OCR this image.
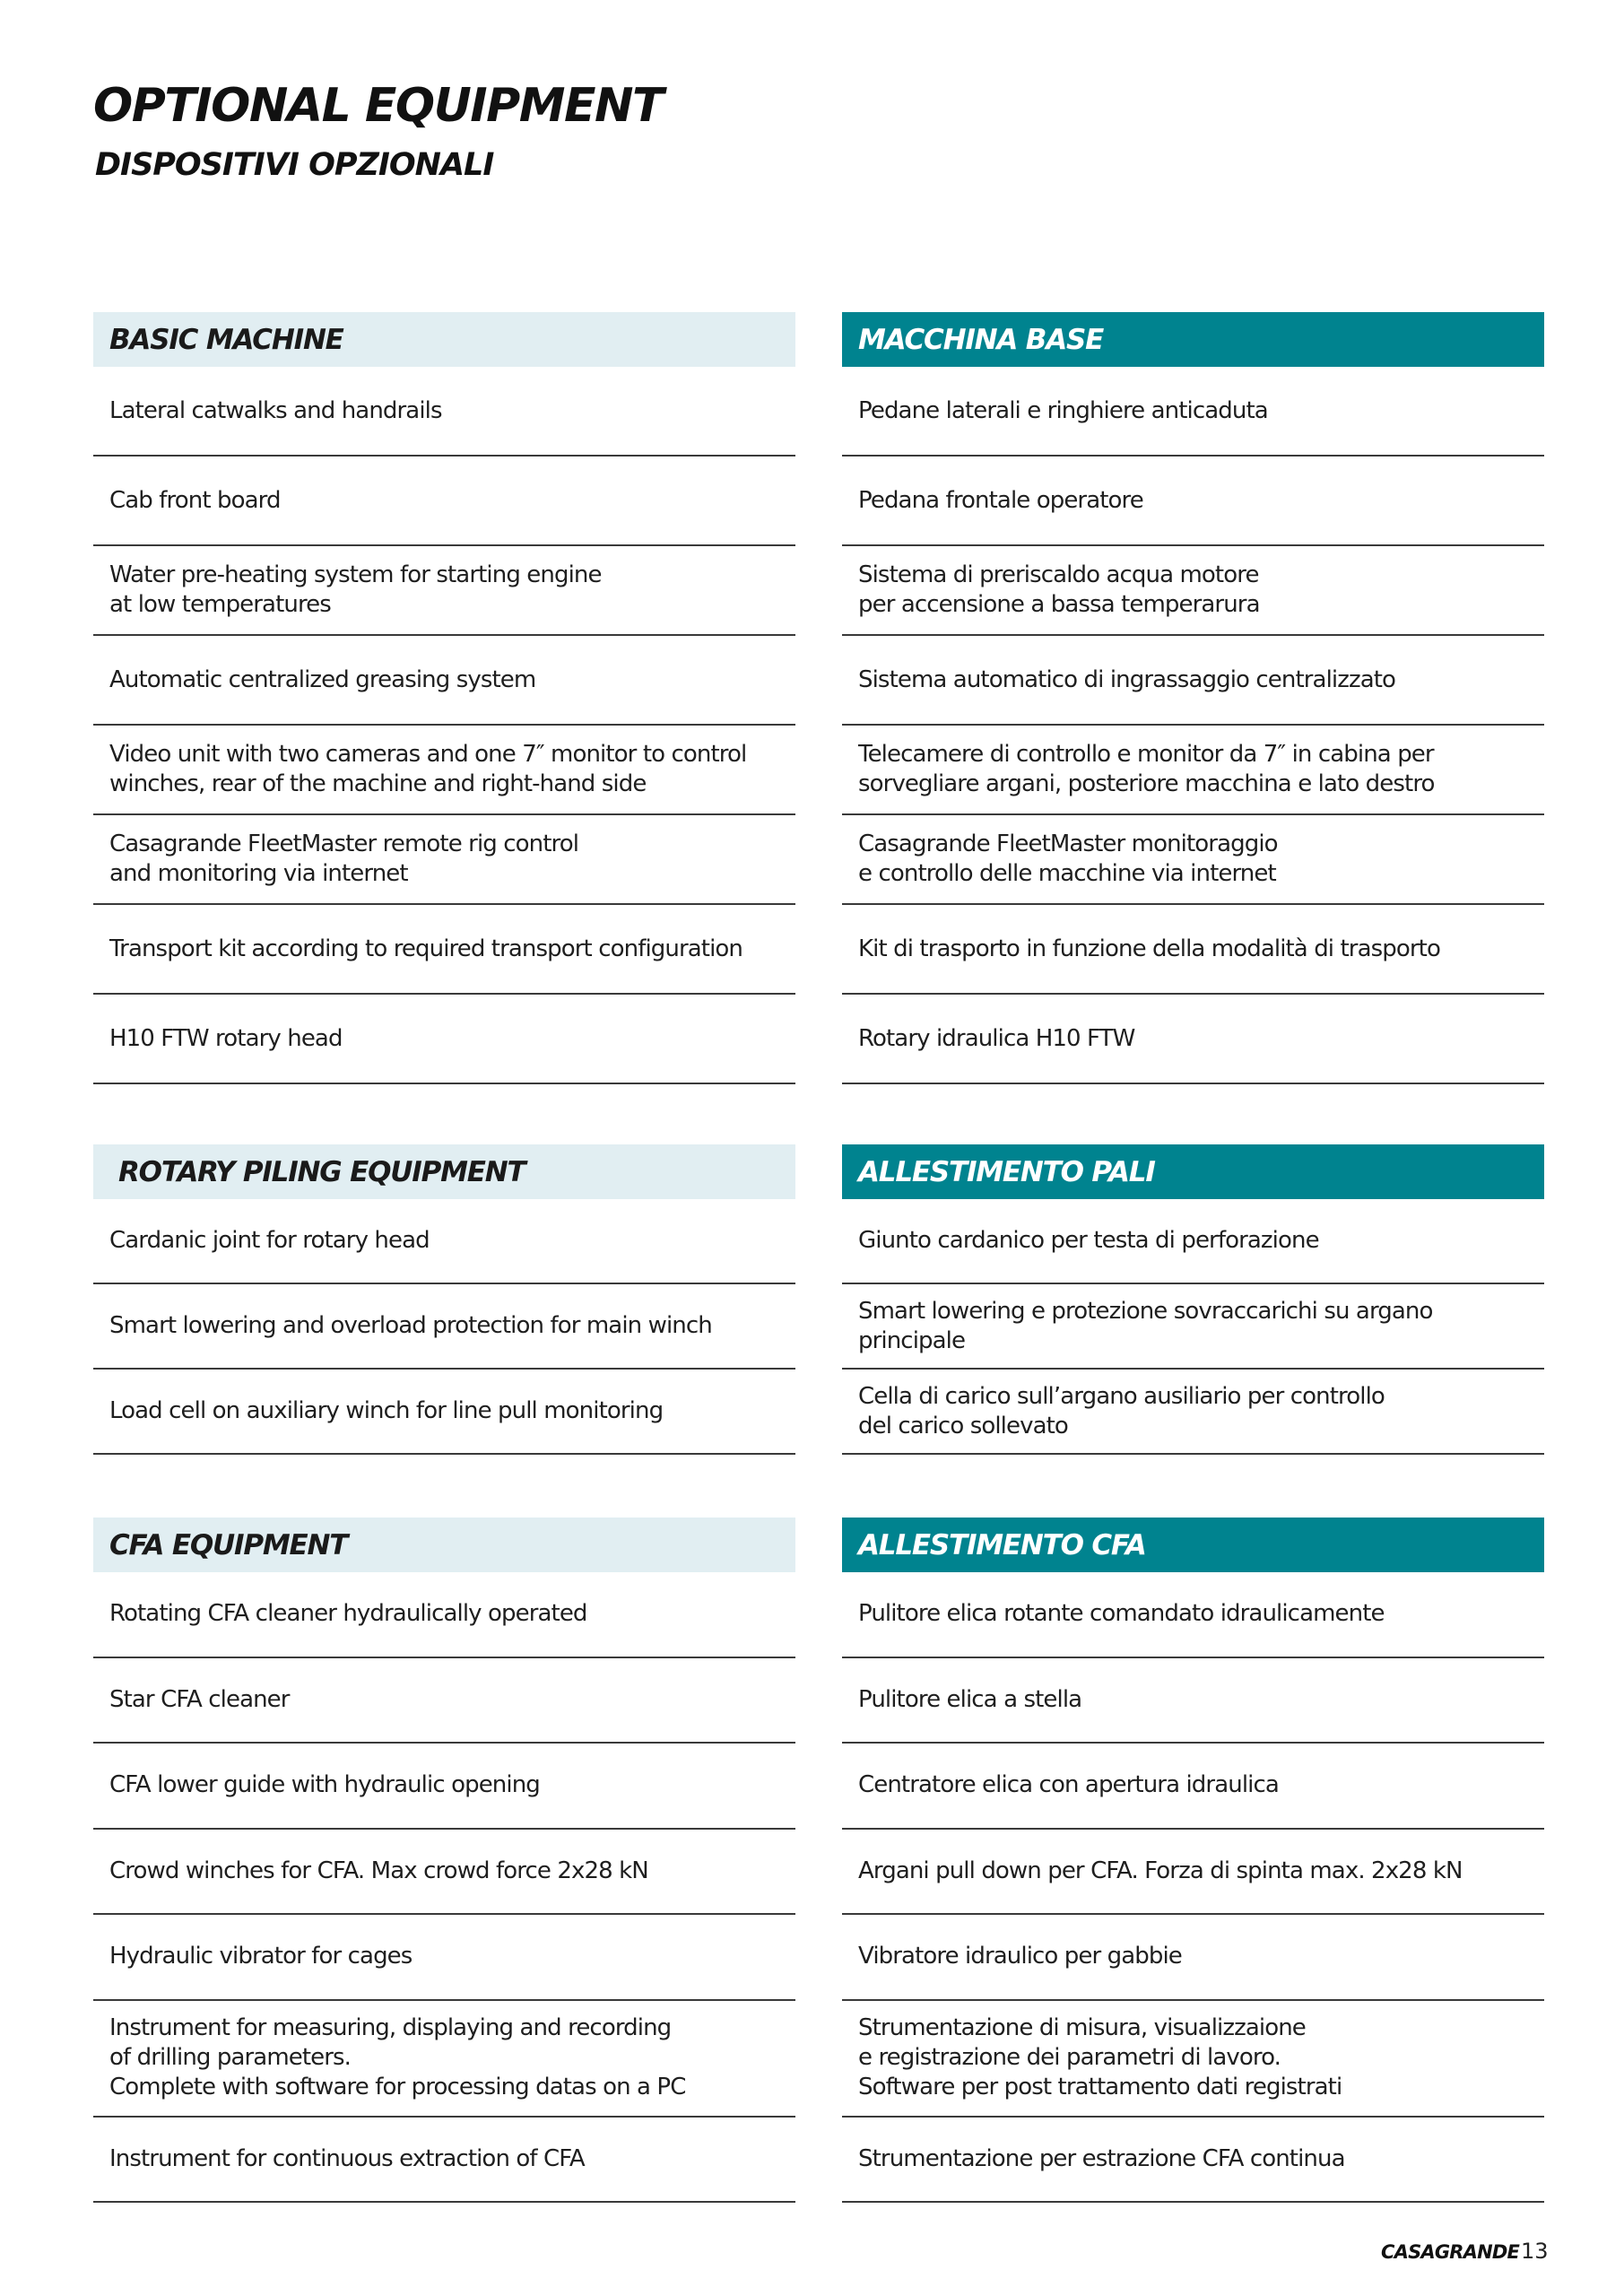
OPTIONAL EQUIPMENT
DISPOSITIVI OPZIONALI
BASIC MACHINE
Lateral catwalks and handrails
Cab front board
Water pre-heating system for starting engine
at low temperatures
Automatic centralized greasing system
Video unit with two cameras and one 7″ monitor to control
winches, rear of the machine and right-hand side
Casagrande FleetMaster remote rig control
and monitoring via internet
Transport kit according to required transport configuration
H10 FTW rotary head
MACCHINA BASE
Pedane laterali e ringhiere anticaduta
Pedana frontale operatore
Sistema di preriscaldo acqua motore
per accensione a bassa temperarura
Sistema automatico di ingrassaggio centralizzato
Telecamere di controllo e monitor da 7″ in cabina per
sorvegliare argani, posteriore macchina e lato destro
Casagrande FleetMaster monitoraggio
e controllo delle macchine via internet
Kit di trasporto in funzione della modalità di trasporto
Rotary idraulica H10 FTW
ROTARY PILING EQUIPMENT
Cardanic joint for rotary head
Smart lowering and overload protection for main winch
Load cell on auxiliary winch for line pull monitoring
ALLESTIMENTO PALI
Giunto cardanico per testa di perforazione
Smart lowering e protezione sovraccarichi su argano principale
Cella di carico sull’argano ausiliario per controllo
del carico sollevato
CFA EQUIPMENT
Rotating CFA cleaner hydraulically operated
Star CFA cleaner
CFA lower guide with hydraulic opening
Crowd winches for CFA. Max crowd force 2x28 kN
Hydraulic vibrator for cages
Instrument for measuring, displaying and recording
of drilling parameters.
Complete with software for processing datas on a PC
Instrument for continuous extraction of CFA
ALLESTIMENTO CFA
Pulitore elica rotante comandato idraulicamente
Pulitore elica a stella
Centratore elica con apertura idraulica
Argani pull down per CFA. Forza di spinta max. 2x28 kN
Vibratore idraulico per gabbie
Strumentazione di misura, visualizzaione
e registrazione dei parametri di lavoro.
Software per post trattamento dati registrati
Strumentazione per estrazione CFA continua
CASAGRANDE 13
